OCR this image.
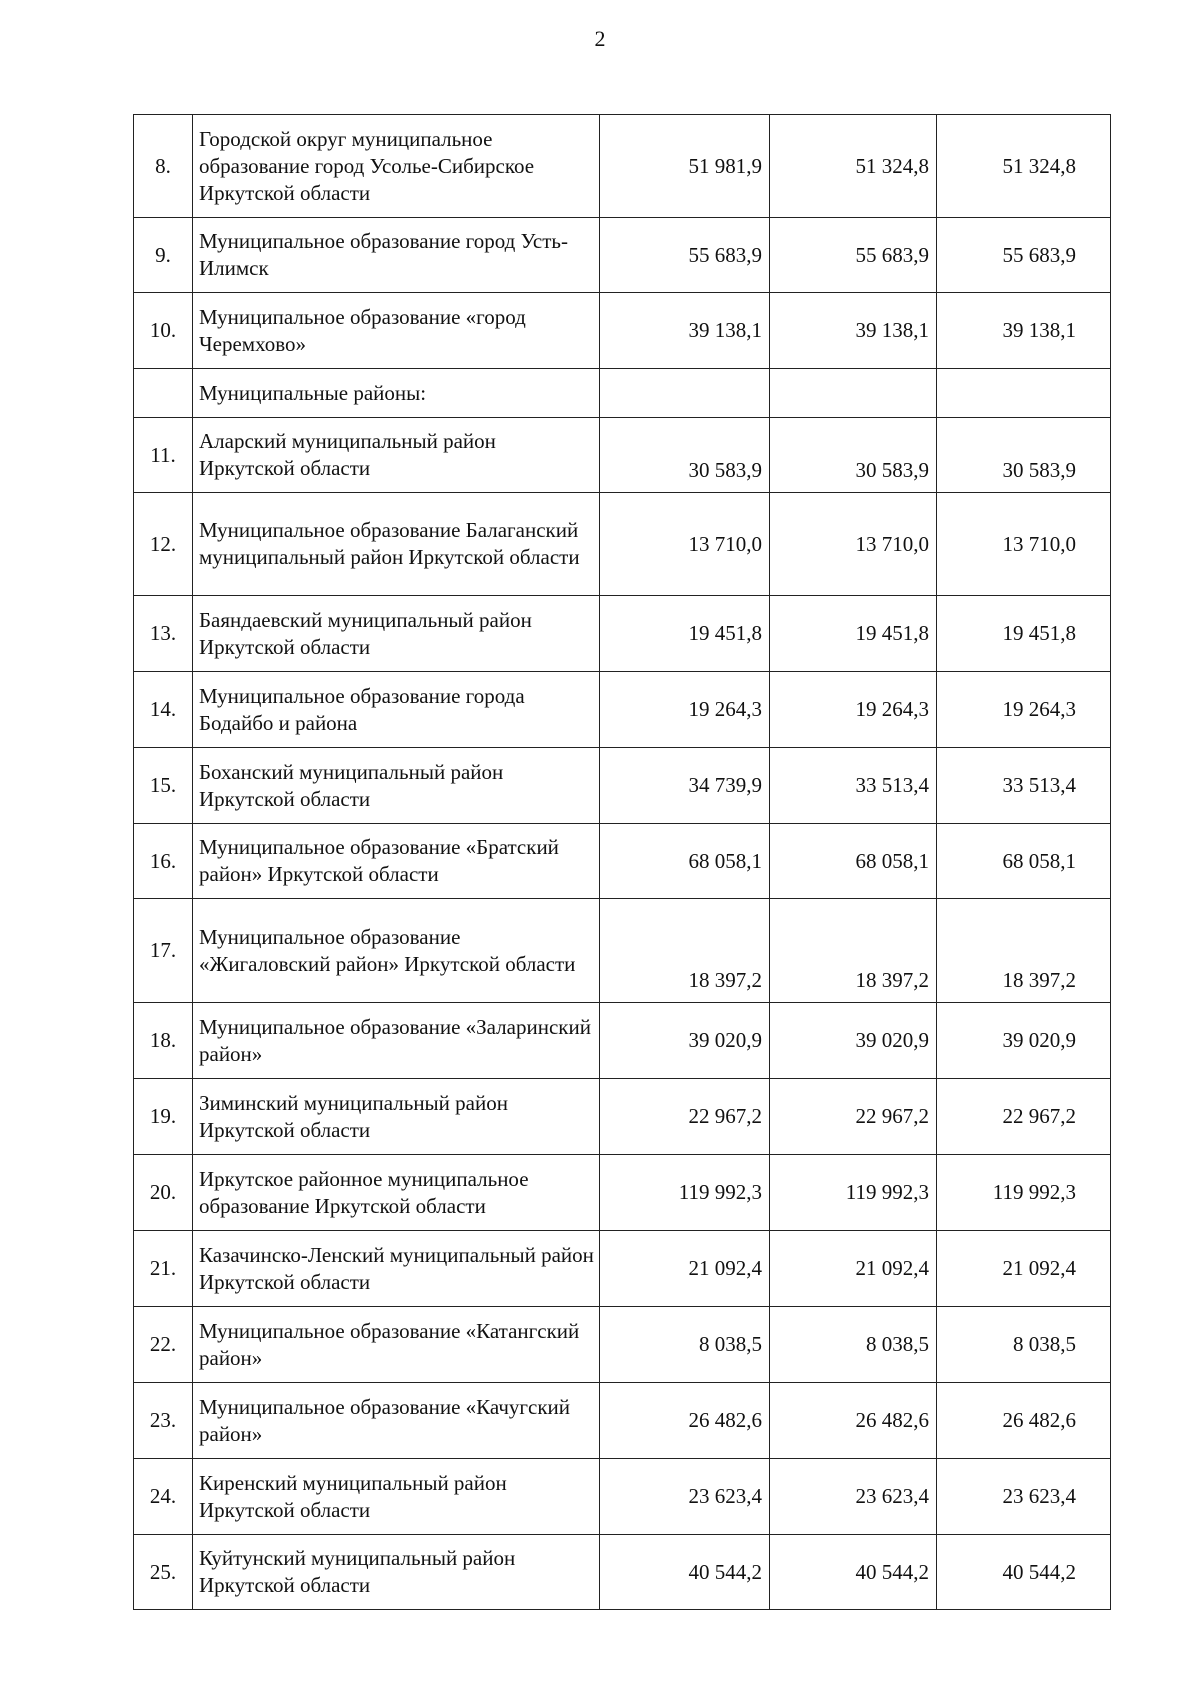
2
8.	Городской округ муниципальное образование город Усолье-Сибирское Иркутской области	51 981,9	51 324,8	51 324,8
9.	Муниципальное образование город Усть-Илимск	55 683,9	55 683,9	55 683,9
10.	Муниципальное образование «город Черемхово»	39 138,1	39 138,1	39 138,1
	Муниципальные районы:			
11.	Аларский муниципальный район Иркутской области	30 583,9	30 583,9	30 583,9
12.	Муниципальное образование Балаганский муниципальный район Иркутской области	13 710,0	13 710,0	13 710,0
13.	Баяндаевский муниципальный район Иркутской области	19 451,8	19 451,8	19 451,8
14.	Муниципальное образование города Бодайбо и района	19 264,3	19 264,3	19 264,3
15.	Боханский муниципальный район Иркутской области	34 739,9	33 513,4	33 513,4
16.	Муниципальное образование «Братский район» Иркутской области	68 058,1	68 058,1	68 058,1
17.	Муниципальное образование «Жигаловский район» Иркутской области	18 397,2	18 397,2	18 397,2
18.	Муниципальное образование «Заларинский район»	39 020,9	39 020,9	39 020,9
19.	Зиминский муниципальный район Иркутской области	22 967,2	22 967,2	22 967,2
20.	Иркутское районное муниципальное образование Иркутской области	119 992,3	119 992,3	119 992,3
21.	Казачинско-Ленский муниципальный район Иркутской области	21 092,4	21 092,4	21 092,4
22.	Муниципальное образование «Катангский район»	8 038,5	8 038,5	8 038,5
23.	Муниципальное образование «Качугский район»	26 482,6	26 482,6	26 482,6
24.	Киренский муниципальный район Иркутской области	23 623,4	23 623,4	23 623,4
25.	Куйтунский муниципальный район Иркутской области	40 544,2	40 544,2	40 544,2
